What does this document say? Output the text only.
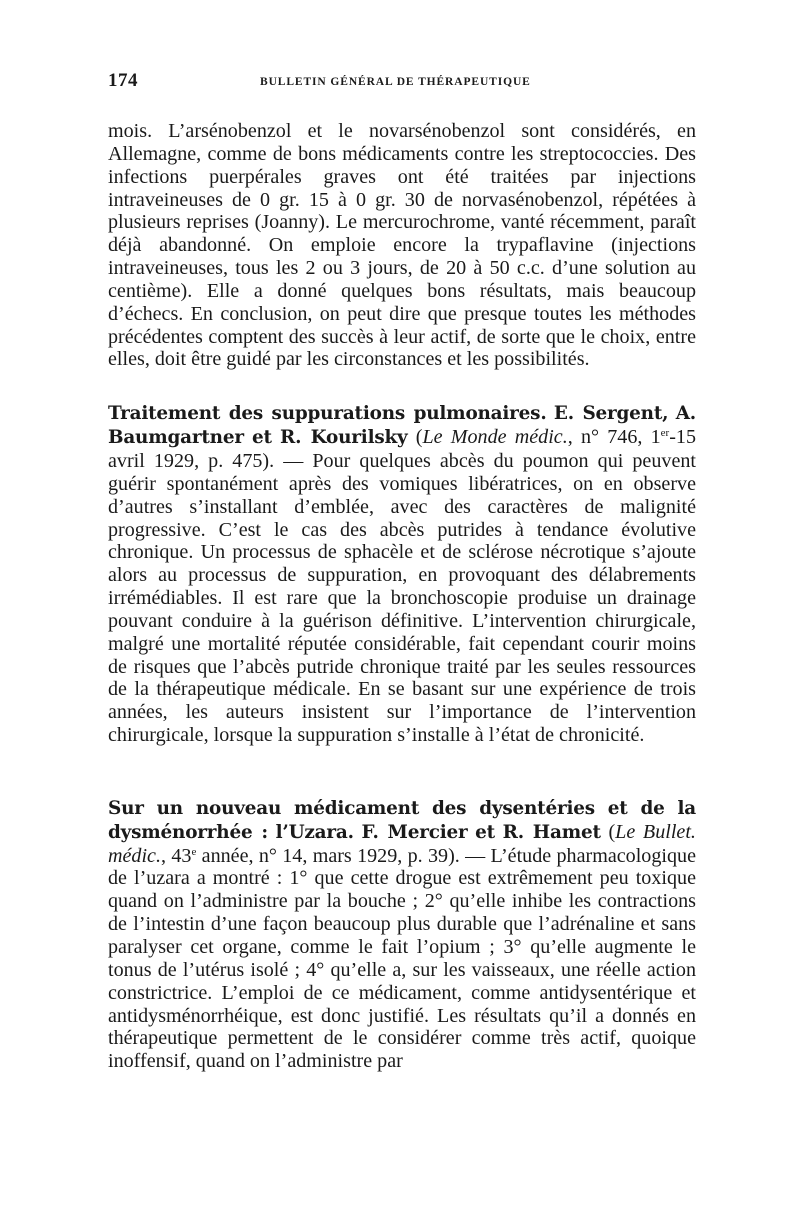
174	BULLETIN GÉNÉRAL DE THÉRAPEUTIQUE

mois. L’arsénobenzol et le novarsénobenzol sont considérés, en Allemagne, comme de bons médicaments contre les streptococcies. Des infections puerpérales graves ont été traitées par injections intraveineuses de 0 gr. 15 à 0 gr. 30 de norvasénobenzol, répétées à plusieurs reprises (Joanny). Le mercurochrome, vanté récemment, paraît déjà abandonné. On emploie encore la trypaflavine (injections intraveineuses, tous les 2 ou 3 jours, de 20 à 50 c.c. d’une solution au centième). Elle a donné quelques bons résultats, mais beaucoup d’échecs. En conclusion, on peut dire que presque toutes les méthodes précédentes comptent des succès à leur actif, de sorte que le choix, entre elles, doit être guidé par les circonstances et les possibilités.

Traitement des suppurations pulmonaires. E. Sergent, A. Baumgartner et R. Kourilsky (Le Monde médic., n° 746, 1er-15 avril 1929, p. 475). — Pour quelques abcès du poumon qui peuvent guérir spontanément après des vomiques libératrices, on en observe d’autres s’installant d’emblée, avec des caractères de malignité progressive. C’est le cas des abcès putrides à tendance évolutive chronique. Un processus de sphacèle et de sclérose nécrotique s’ajoute alors au processus de suppuration, en provoquant des délabrements irrémédiables. Il est rare que la bronchoscopie produise un drainage pouvant conduire à la guérison définitive. L’intervention chirurgicale, malgré une mortalité réputée considérable, fait cependant courir moins de risques que l’abcès putride chronique traité par les seules ressources de la thérapeutique médicale. En se basant sur une expérience de trois années, les auteurs insistent sur l’importance de l’intervention chirurgicale, lorsque la suppuration s’installe à l’état de chronicité.

Sur un nouveau médicament des dysentéries et de la dysménorrhée : l’Uzara. F. Mercier et R. Hamet (Le Bullet. médic., 43e année, n° 14, mars 1929, p. 39). — L’étude pharmacologique de l’uzara a montré : 1° que cette drogue est extrêmement peu toxique quand on l’administre par la bouche ; 2° qu’elle inhibe les contractions de l’intestin d’une façon beaucoup plus durable que l’adrénaline et sans paralyser cet organe, comme le fait l’opium ; 3° qu’elle augmente le tonus de l’utérus isolé ; 4° qu’elle a, sur les vaisseaux, une réelle action constrictrice. L’emploi de ce médicament, comme antidysentérique et antidysménorrhéique, est donc justifié. Les résultats qu’il a donnés en thérapeutique permettent de le considérer comme très actif, quoique inoffensif, quand on l’administre par
